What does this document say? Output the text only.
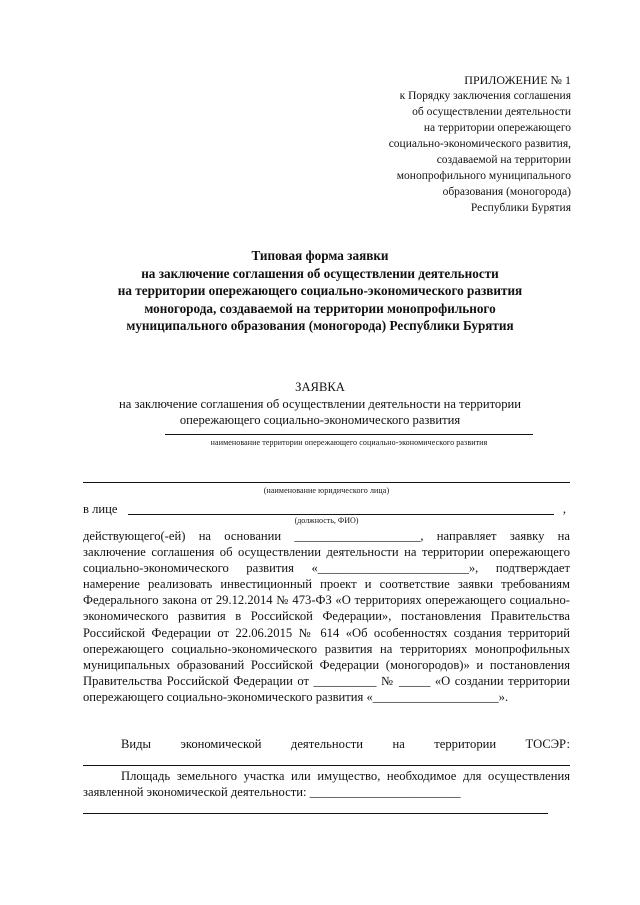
ПРИЛОЖЕНИЕ № 1
к Порядку заключения соглашения
об осуществлении деятельности
на территории опережающего
социально-экономического развития,
создаваемой на территории
монопрофильного муниципального
образования (моногорода)
Республики Бурятия
Типовая форма заявки
на заключение соглашения об осуществлении деятельности
на территории опережающего социально-экономического развития
моногорода, создаваемой на территории монопрофильного
муниципального образования (моногорода) Республики Бурятия
ЗАЯВКА
на заключение соглашения об осуществлении деятельности на территории
опережающего социально-экономического развития
наименование территории опережающего социально-экономического развития
(наименование юридического лица)
в лице	,
(должность, ФИО)

действующего(-ей) на основании ____________________, направляет заявку на заключение соглашения об осуществлении деятельности на территории опережающего социально-экономического развития «________________________», подтверждает намерение реализовать инвестиционный проект и соответствие заявки требованиям Федерального закона от 29.12.2014 № 473-ФЗ «О территориях опережающего социально-экономического развития в Российской Федерации», постановления Правительства Российской Федерации от 22.06.2015 № 614 «Об особенностях создания территорий опережающего социально-экономического развития на территориях монопрофильных муниципальных образований Российской Федерации (моногородов)» и постановления Правительства Российской Федерации от __________ № _____ «О создании территории опережающего социально-экономического развития «____________________».

Виды экономической деятельности на территории ТОСЭР:

Площадь земельного участка или имущество, необходимое для осуществления заявленной экономической деятельности: ________________________
